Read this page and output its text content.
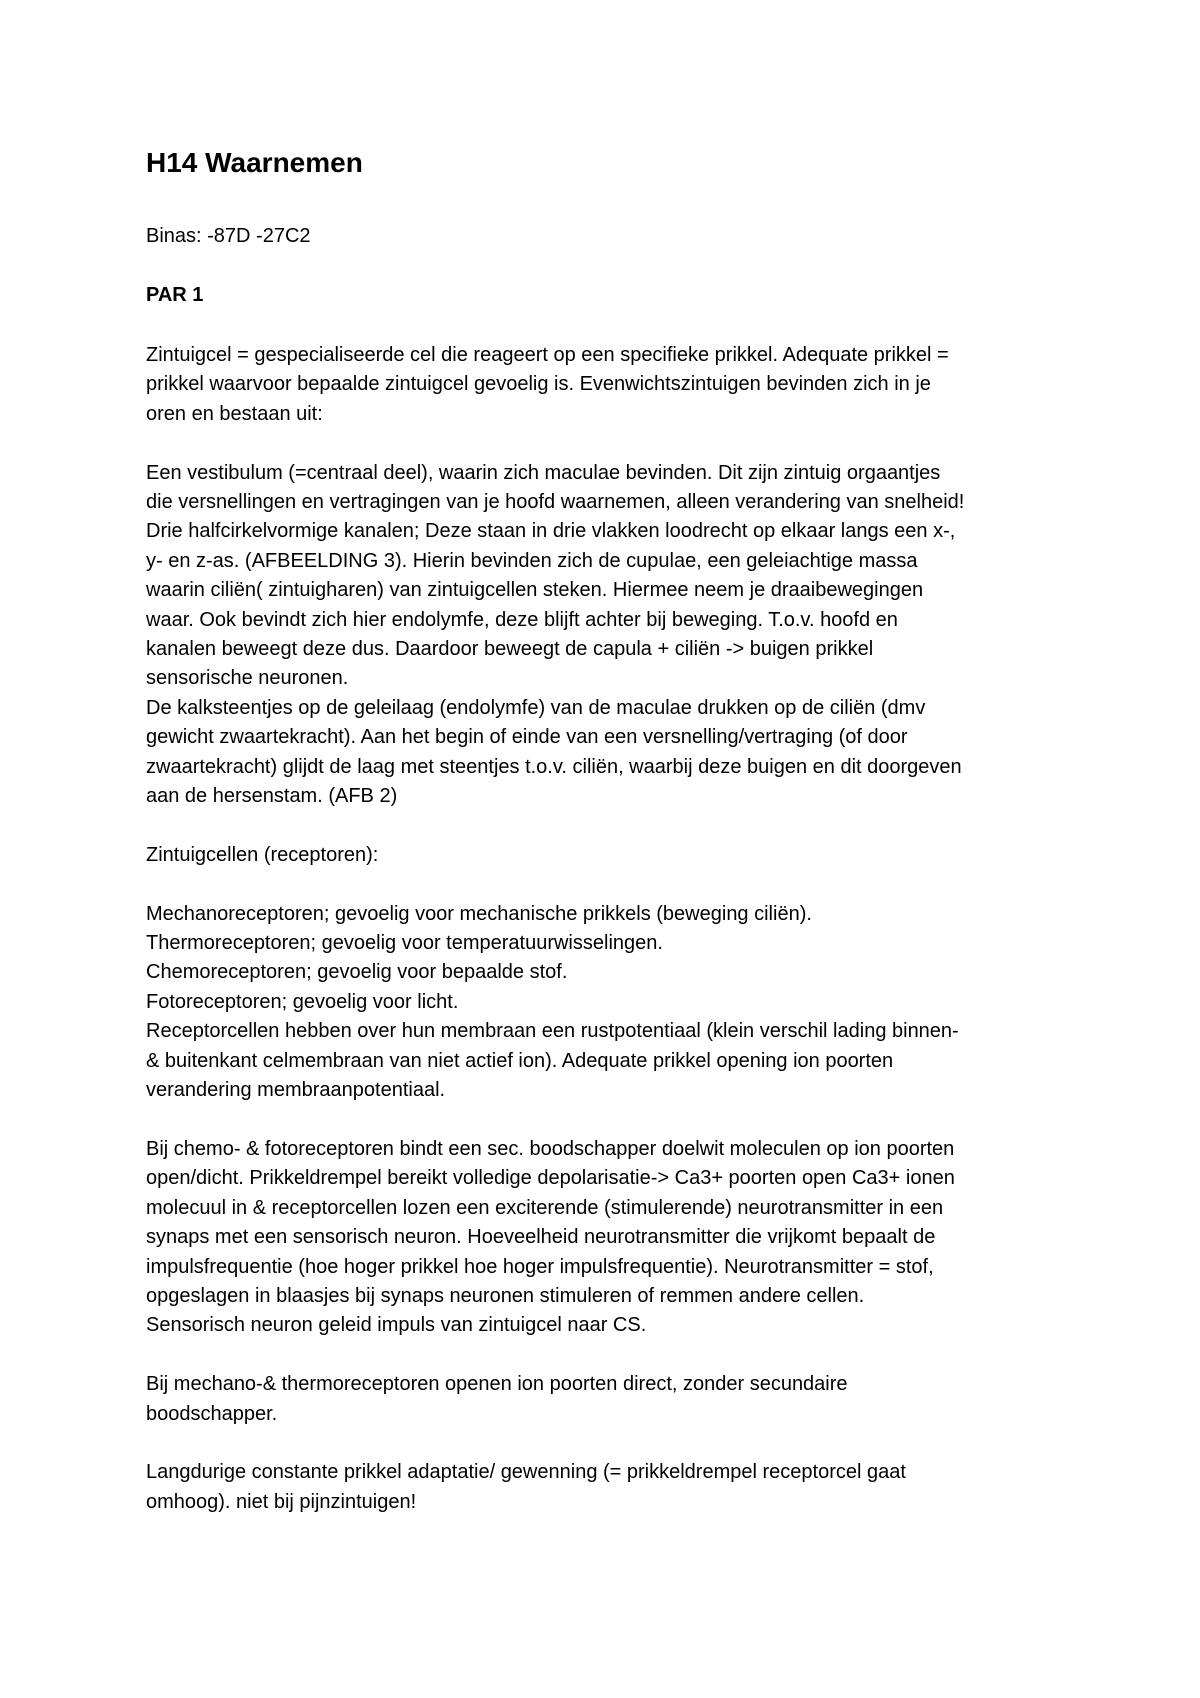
H14 Waarnemen
Binas: -87D -27C2
PAR 1
Zintuigcel = gespecialiseerde cel die reageert op een specifieke prikkel. Adequate prikkel =
prikkel waarvoor bepaalde zintuigcel gevoelig is. Evenwichtszintuigen bevinden zich in je
oren en bestaan uit:
Een vestibulum (=centraal deel), waarin zich maculae bevinden. Dit zijn zintuig orgaantjes
die versnellingen en vertragingen van je hoofd waarnemen, alleen verandering van snelheid!
Drie halfcirkelvormige kanalen; Deze staan in drie vlakken loodrecht op elkaar langs een x-,
y- en z-as. (AFBEELDING 3). Hierin bevinden zich de cupulae, een geleiachtige massa
waarin ciliën( zintuigharen) van zintuigcellen steken. Hiermee neem je draaibewegingen
waar. Ook bevindt zich hier endolymfe, deze blijft achter bij beweging. T.o.v. hoofd en
kanalen beweegt deze dus. Daardoor beweegt de capula + ciliën -> buigen prikkel
sensorische neuronen.
De kalksteentjes op de geleilaag (endolymfe) van de maculae drukken op de ciliën (dmv
gewicht zwaartekracht). Aan het begin of einde van een versnelling/vertraging (of door
zwaartekracht) glijdt de laag met steentjes t.o.v. ciliën, waarbij deze buigen en dit doorgeven
aan de hersenstam. (AFB 2)
Zintuigcellen (receptoren):
Mechanoreceptoren; gevoelig voor mechanische prikkels (beweging ciliën).
Thermoreceptoren; gevoelig voor temperatuurwisselingen.
Chemoreceptoren; gevoelig voor bepaalde stof.
Fotoreceptoren; gevoelig voor licht.
Receptorcellen hebben over hun membraan een rustpotentiaal (klein verschil lading binnen-
& buitenkant celmembraan van niet actief ion). Adequate prikkel opening ion poorten
verandering membraanpotentiaal.
Bij chemo- & fotoreceptoren bindt een sec. boodschapper doelwit moleculen op ion poorten
open/dicht. Prikkeldrempel bereikt volledige depolarisatie-> Ca3+ poorten open Ca3+ ionen
molecuul in & receptorcellen lozen een exciterende (stimulerende) neurotransmitter in een
synaps met een sensorisch neuron. Hoeveelheid neurotransmitter die vrijkomt bepaalt de
impulsfrequentie (hoe hoger prikkel hoe hoger impulsfrequentie). Neurotransmitter = stof,
opgeslagen in blaasjes bij synaps neuronen stimuleren of remmen andere cellen.
Sensorisch neuron geleid impuls van zintuigcel naar CS.
Bij mechano-& thermoreceptoren openen ion poorten direct, zonder secundaire
boodschapper.
Langdurige constante prikkel adaptatie/ gewenning (= prikkeldrempel receptorcel gaat
omhoog). niet bij pijnzintuigen!
